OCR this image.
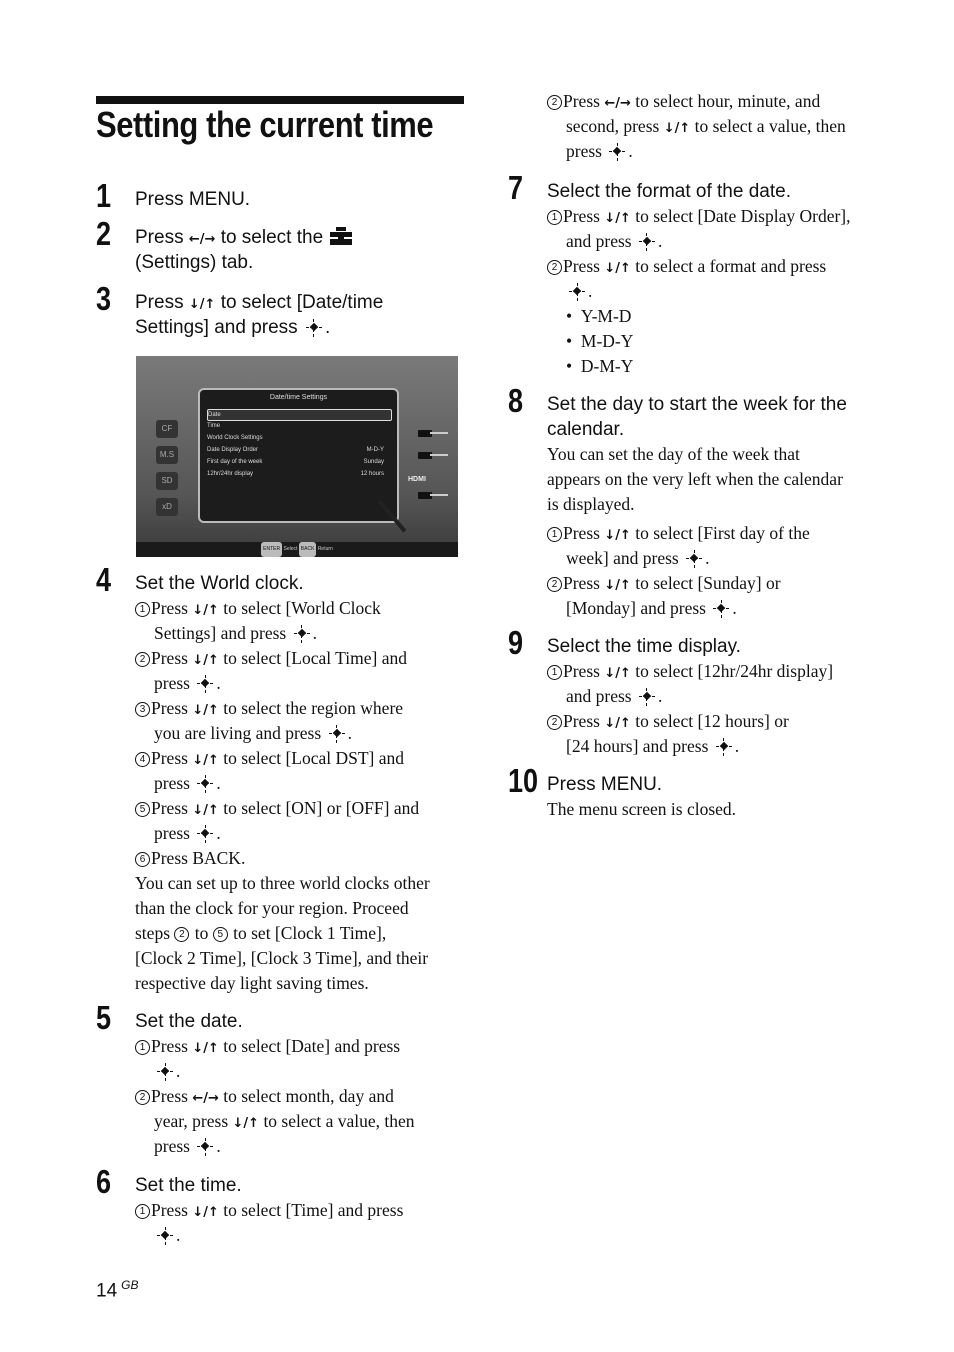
Setting the current time
1 Press MENU.
2 Press ←/→ to select the
(Settings) tab.
3 Press ↓/↑ to select [Date/time
Settings] and press .
CF
M.S
SD
xD
Date/time Settings
Date
Time
World Clock Settings
Date Display Order	M-D-Y
First day of the week	Sunday
12hr/24hr display	12 hours
HDMI
ENTER Select BACK Return
4 Set the World clock.
1 Press ↓/↑ to select [World Clock
Settings] and press .
2 Press ↓/↑ to select [Local Time] and
press .
3 Press ↓/↑ to select the region where
you are living and press .
4 Press ↓/↑ to select [Local DST] and
press .
5 Press ↓/↑ to select [ON] or [OFF] and
press .
6 Press BACK.
You can set up to three world clocks other
than the clock for your region. Proceed
steps 2 to 5 to set [Clock 1 Time],
[Clock 2 Time], [Clock 3 Time], and their
respective day light saving times.
5 Set the date.
1 Press ↓/↑ to select [Date] and press
.
2 Press ←/→ to select month, day and
year, press ↓/↑ to select a value, then
press .
6 Set the time.
1 Press ↓/↑ to select [Time] and press
.
2 Press ←/→ to select hour, minute, and
second, press ↓/↑ to select a value, then
press .
7 Select the format of the date.
1 Press ↓/↑ to select [Date Display Order],
and press .
2 Press ↓/↑ to select a format and press
.
•  Y-M-D
•  M-D-Y
•  D-M-Y
8 Set the day to start the week for the
calendar.
You can set the day of the week that
appears on the very left when the calendar
is displayed.
1 Press ↓/↑ to select [First day of the
week] and press .
2 Press ↓/↑ to select [Sunday] or
[Monday] and press .
9 Select the time display.
1 Press ↓/↑ to select [12hr/24hr display]
and press .
2 Press ↓/↑ to select [12 hours] or
[24 hours] and press .
10 Press MENU.
The menu screen is closed.
14 $^{GB}$
